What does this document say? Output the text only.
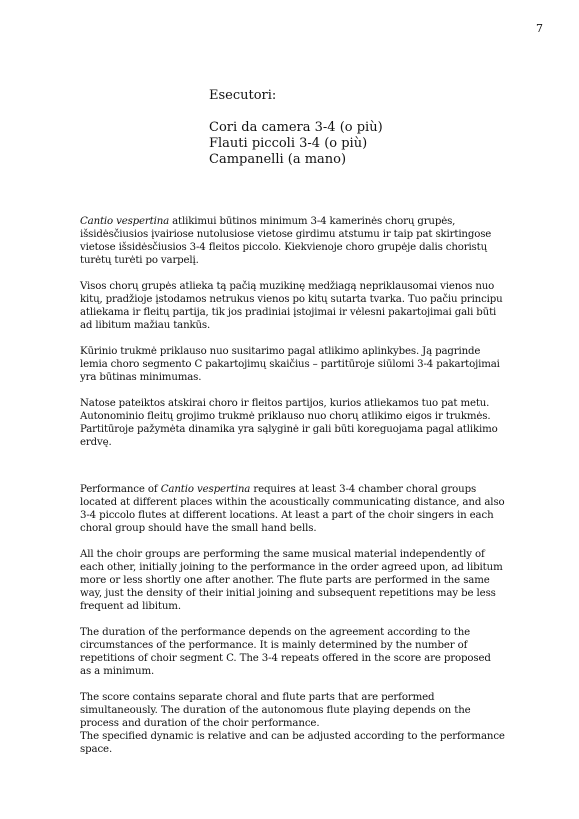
7
Esecutori:
Cori da camera 3-4 (o più)
Flauti piccoli 3-4 (o più)
Campanelli (a mano)

Cantio vespertina atlikimui būtinos minimum 3-4 kamerinės chorų grupės, išsidėsčiusios įvairiose nutolusiose vietose girdimu atstumu ir taip pat skirtingose vietose išsidėsčiusios 3-4 fleitos piccolo. Kiekvienoje choro grupėje dalis choristų turėtų turėti po varpelį.

Visos chorų grupės atlieka tą pačią muzikinę medžiagą nepriklausomai vienos nuo kitų, pradžioje įstodamos netrukus vienos po kitų sutarta tvarka. Tuo pačiu principu atliekama ir fleitų partija, tik jos pradiniai įstojimai ir vėlesni pakartojimai gali būti ad libitum mažiau tankūs.

Kūrinio trukmė priklauso nuo susitarimo pagal atlikimo aplinkybes. Ją pagrinde lemia choro segmento C pakartojimų skaičius – partitūroje siūlomi 3-4 pakartojimai yra būtinas minimumas.

Natose pateiktos atskirai choro ir fleitos partijos, kurios atliekamos tuo pat metu. Autonominio fleitų grojimo trukmė priklauso nuo chorų atlikimo eigos ir trukmės. Partitūroje pažymėta dinamika yra sąlyginė ir gali būti koreguojama pagal atlikimo erdvę.

Performance of Cantio vespertina requires at least 3-4 chamber choral groups located at different places within the acoustically communicating distance, and also 3-4 piccolo flutes at different locations. At least a part of the choir singers in each choral group should have the small hand bells.

All the choir groups are performing the same musical material independently of each other, initially joining to the performance in the order agreed upon, ad libitum more or less shortly one after another. The flute parts are performed in the same way, just the density of their initial joining and subsequent repetitions may be less frequent ad libitum.

The duration of the performance depends on the agreement according to the circumstances of the performance. It is mainly determined by the number of repetitions of choir segment C. The 3-4 repeats offered in the score are proposed as a minimum.

The score contains separate choral and flute parts that are performed simultaneously. The duration of the autonomous flute playing depends on the process and duration of the choir performance.

The specified dynamic is relative and can be adjusted according to the performance space.
